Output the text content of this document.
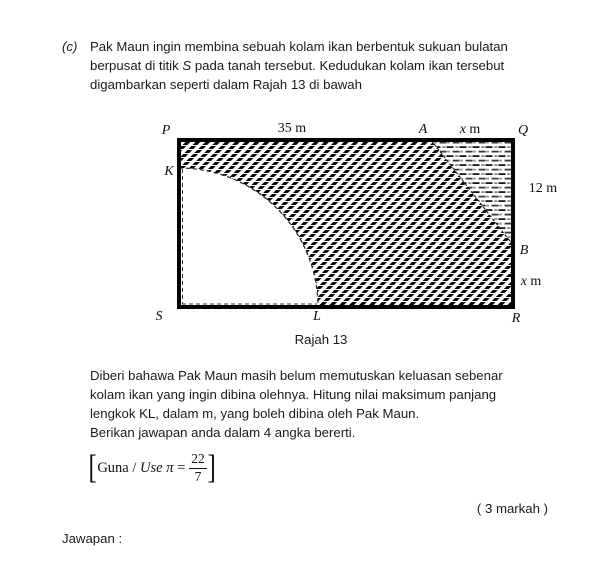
(c) Pak Maun ingin membina sebuah kolam ikan berbentuk sukuan bulatan
berpusat di titik S pada tanah tersebut. Kedudukan kolam ikan tersebut
digambarkan seperti dalam Rajah 13 di bawah
P	Q
K
A
B
S	L	R
35 m	x m
12 m
x m
Rajah 13
Diberi bahawa Pak Maun masih belum memutuskan keluasan sebenar
kolam ikan yang ingin dibina olehnya. Hitung nilai maksimum panjang
lengkok KL, dalam m, yang boleh dibina oleh Pak Maun.
Berikan jawapan anda dalam 4 angka bererti.
[ Guna / Use $\pi = \frac{22}{7}$ ]
( 3 markah )
Jawapan :
